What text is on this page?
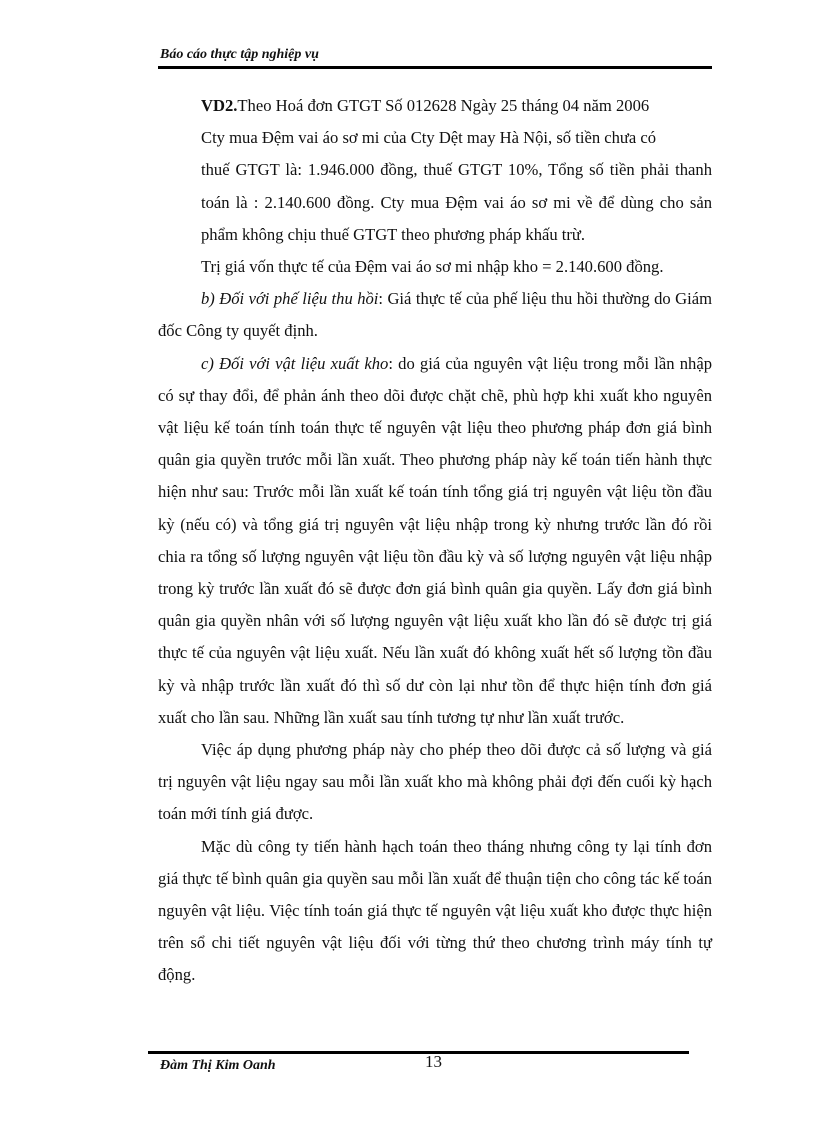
Báo cáo thực tập nghiệp vụ

VD2.Theo Hoá đơn GTGT Số 012628 Ngày 25 tháng 04 năm 2006

Cty mua Đệm vai áo sơ mi của Cty Dệt may Hà Nội, số tiền chưa có

thuế GTGT là: 1.946.000 đồng, thuế GTGT 10%, Tổng số tiền phải thanh toán là : 2.140.600 đồng. Cty mua Đệm vai áo sơ mi về để dùng cho sản phẩm không chịu thuế GTGT theo phương pháp khấu trừ.

Trị giá vốn thực tế của Đệm vai áo sơ mi nhập kho = 2.140.600 đồng.

b) Đối với phế liệu thu hồi: Giá thực tế của phế liệu thu hồi thường do Giám đốc Công ty quyết định.

c) Đối với vật liệu xuất kho: do giá của nguyên vật liệu trong mỗi lần nhập có sự thay đổi, để phản ánh theo dõi được chặt chẽ, phù hợp khi xuất kho nguyên vật liệu kế toán tính toán thực tế nguyên vật liệu theo phương pháp đơn giá bình quân gia quyền trước mỗi lần xuất. Theo phương pháp này kế toán tiến hành thực hiện như sau: Trước mỗi lần xuất kế toán tính tổng giá trị nguyên vật liệu tồn đầu kỳ (nếu có) và tổng giá trị nguyên vật liệu nhập trong kỳ nhưng trước lần đó rồi chia ra tổng số lượng nguyên vật liệu tồn đầu kỳ và số lượng nguyên vật liệu nhập trong kỳ trước lần xuất đó sẽ được đơn giá bình quân gia quyền. Lấy đơn giá bình quân gia quyền nhân với số lượng nguyên vật liệu xuất kho lần đó sẽ được trị giá thực tế của nguyên vật liệu xuất. Nếu lần xuất đó không xuất hết số lượng tồn đầu kỳ và nhập trước lần xuất đó thì số dư còn lại như tồn để thực hiện tính đơn giá xuất cho lần sau. Những lần xuất sau tính tương tự như lần xuất trước.

Việc áp dụng phương pháp này cho phép theo dõi được cả số lượng và giá trị nguyên vật liệu ngay sau mỗi lần xuất kho mà không phải đợi đến cuối kỳ hạch toán mới tính giá được.

Mặc dù công ty tiến hành hạch toán theo tháng nhưng công ty lại tính đơn giá thực tế bình quân gia quyền sau mỗi lần xuất để thuận tiện cho công tác kế toán nguyên vật liệu. Việc tính toán giá thực tế nguyên vật liệu xuất kho được thực hiện trên sổ chi tiết nguyên vật liệu đối với từng thứ theo chương trình máy tính tự động.

Đàm Thị Kim Oanh	13
